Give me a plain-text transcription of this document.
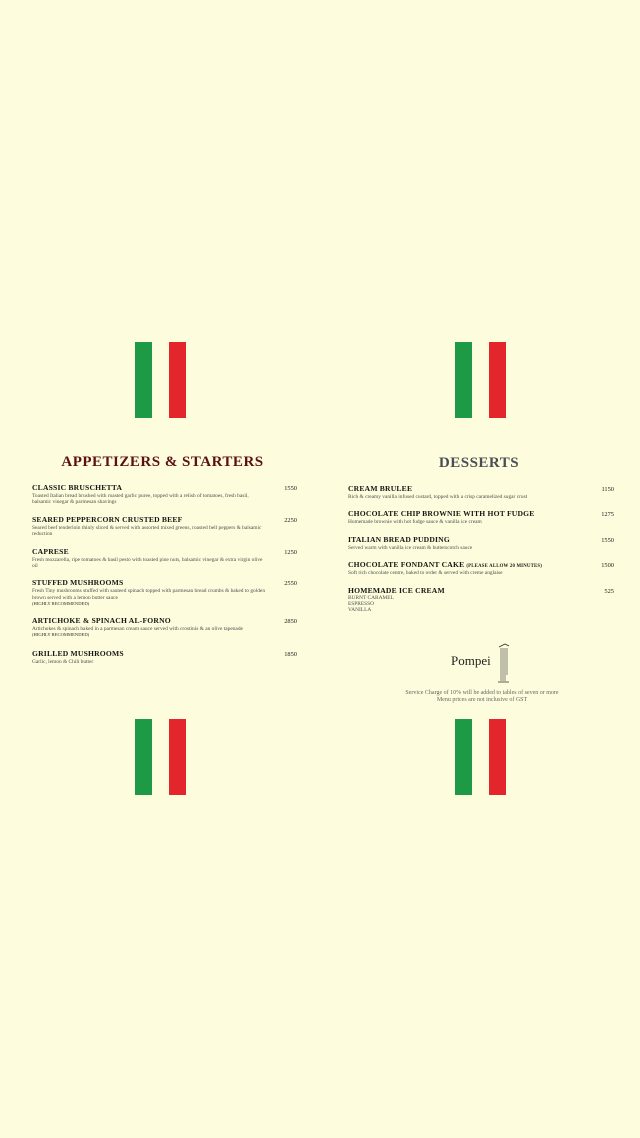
APPETIZERS & STARTERS
CLASSIC BRUSCHETTA	1550
Toasted Italian bread brushed with roasted garlic puree, topped with a relish of tomatoes, fresh basil, balsamic vinegar & parmesan shavings
SEARED PEPPERCORN CRUSTED BEEF	2250
Seared beef tenderloin thinly sliced & served with assorted mixed greens, roasted bell peppers & balsamic reduction
CAPRESE	1250
Fresh mozzarella, ripe tomatoes & basil pesto with toasted pine nuts, balsamic vinegar & extra virgin olive oil
STUFFED MUSHROOMS	2550
Fresh Tiny mushrooms stuffed with sauteed spinach topped with parmesan bread crumbs & baked to golden brown served with a lemon butter sauce
(HIGHLY RECOMMENDED)
ARTICHOKE & SPINACH AL-FORNO	2850
Artichokes & spinach baked in a parmesan cream sauce served with crostinis & an olive tapenade
(HIGHLY RECOMMENDED)
GRILLED MUSHROOMS	1850
Garlic, lemon & Chili butter
DESSERTS
CREAM BRULEE	1150
Rich & creamy vanilla infused custard, topped with a crisp caramelized sugar crust
CHOCOLATE CHIP BROWNIE WITH HOT FUDGE	1275
Homemade brownie with hot fudge sauce & vanilla ice cream
ITALIAN BREAD PUDDING	1550
Served warm with vanilla ice cream & butterscotch sauce
CHOCOLATE FONDANT CAKE (PLEASE ALLOW 20 MINUTES)	1500
Soft rich chocolate centre, baked to order & served with creme anglaise
HOMEMADE ICE CREAM	525
BURNT CARAMEL
ESPRESSO
VANILLA
Pompei
Service Charge of 10% will be added to tables of seven or more
Menu prices are not inclusive of GST
